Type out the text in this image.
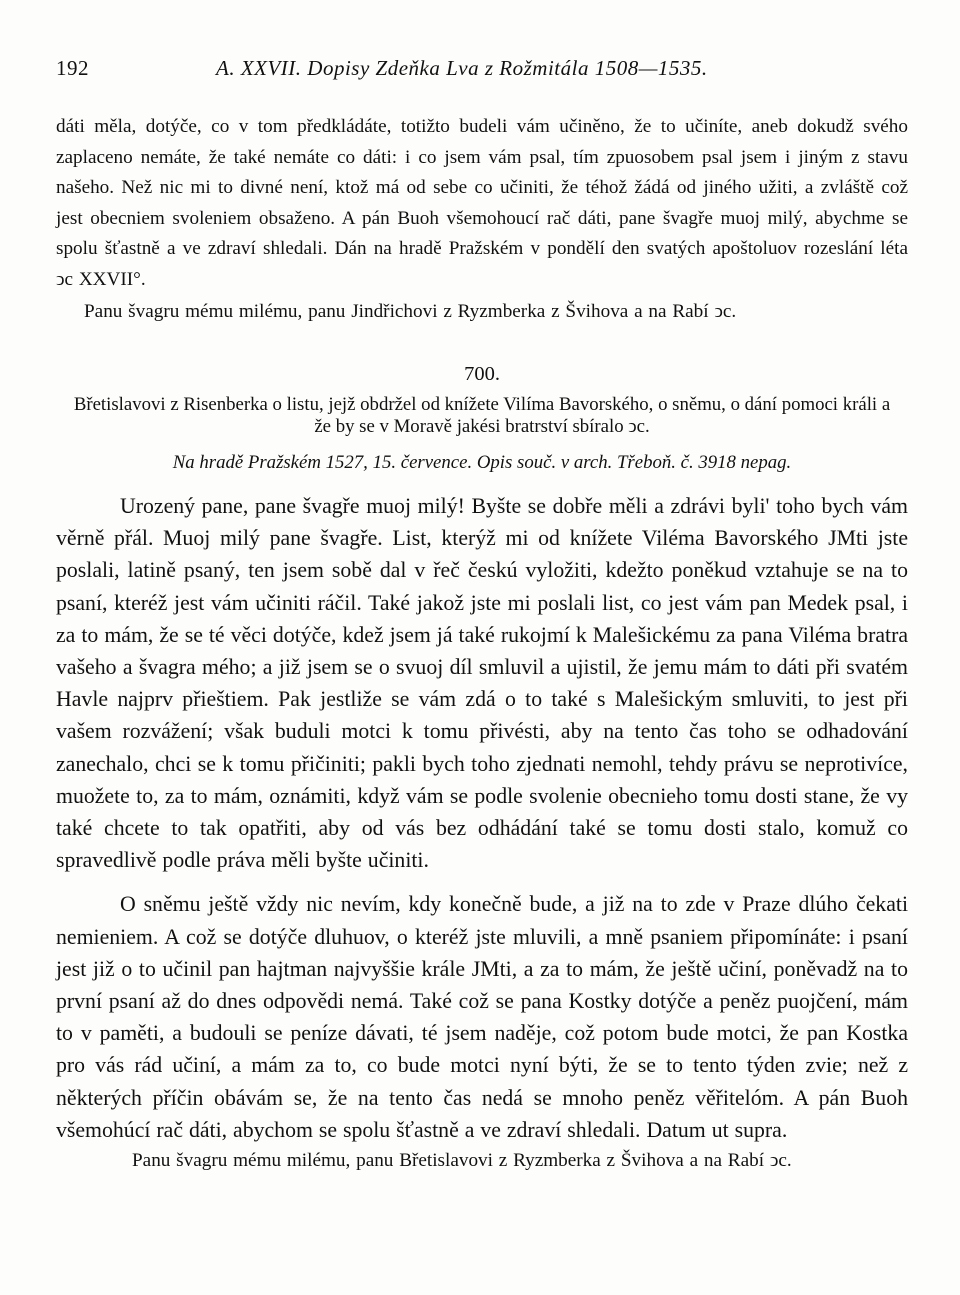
192	A. XXVII. Dopisy Zdeňka Lva z Rožmitála 1508—1535.

dáti měla, dotýče, co v tom předkládáte, totižto budeli vám učiněno, že to učiníte, aneb dokudž svého zaplaceno nemáte, že také nemáte co dáti: i co jsem vám psal, tím zpuosobem psal jsem i jiným z stavu našeho. Než nic mi to divné není, ktož má od sebe co učiniti, že téhož žádá od jiného užiti, a zvláště což jest obecniem svoleniem obsaženo. A pán Buoh všemohoucí rač dáti, pane švagře muoj milý, abychme se spolu šťastně a ve zdraví shledali. Dán na hradě Pražském v pondělí den svatých apoštoluov rozeslání léta ↄc XXVII°.

Panu švagru mému milému, panu Jindřichovi z Ryzmberka z Švihova a na Rabí ↄc.

700.

Břetislavovi z Risenberka o listu, jejž obdržel od knížete Vilíma Bavorského, o sněmu, o dání pomoci králi a že by se v Moravě jakési bratrství sbíralo ↄc.

Na hradě Pražském 1527, 15. července. Opis souč. v arch. Třeboň. č. 3918 nepag.

Urozený pane, pane švagře muoj milý! Byšte se dobře měli a zdrávi byli' toho bych vám věrně přál. Muoj milý pane švagře. List, kterýž mi od knížete Viléma Bavorského JMti jste poslali, latině psaný, ten jsem sobě dal v řeč českú vyložiti, kdežto poněkud vztahuje se na to psaní, kteréž jest vám učiniti ráčil. Také jakož jste mi poslali list, co jest vám pan Medek psal, i za to mám, že se té věci dotýče, kdež jsem já také rukojmí k Malešickému za pana Viléma bratra vašeho a švagra mého; a již jsem se o svuoj díl smluvil a ujistil, že jemu mám to dáti při svatém Havle najprv přieštiem. Pak jestliže se vám zdá o to také s Malešickým smluviti, to jest při vašem rozvážení; však buduli motci k tomu přivésti, aby na tento čas toho se odhadování zanechalo, chci se k tomu přičiniti; pakli bych toho zjednati nemohl, tehdy právu se neprotivíce, muožete to, za to mám, oznámiti, když vám se podle svolenie obecnieho tomu dosti stane, že vy také chcete to tak opatřiti, aby od vás bez odhádání také se tomu dosti stalo, komuž co spravedlivě podle práva měli byšte učiniti.

O sněmu ještě vždy nic nevím, kdy konečně bude, a již na to zde v Praze dlúho čekati nemieniem. A což se dotýče dluhuov, o kteréž jste mluvili, a mně psaniem připomínáte: i psaní jest již o to učinil pan hajtman najvyššie krále JMti, a za to mám, že ještě učiní, poněvadž na to první psaní až do dnes odpovědi nemá. Také což se pana Kostky dotýče a peněz puojčení, mám to v paměti, a budouli se peníze dávati, té jsem naděje, což potom bude motci, že pan Kostka pro vás rád učiní, a mám za to, co bude motci nyní býti, že se to tento týden zvie; než z některých příčin obávám se, že na tento čas nedá se mnoho peněz věřitelóm. A pán Buoh všemohúcí rač dáti, abychom se spolu šťastně a ve zdraví shledali. Datum ut supra.

Panu švagru mému milému, panu Břetislavovi z Ryzmberka z Švihova a na Rabí ↄc.
